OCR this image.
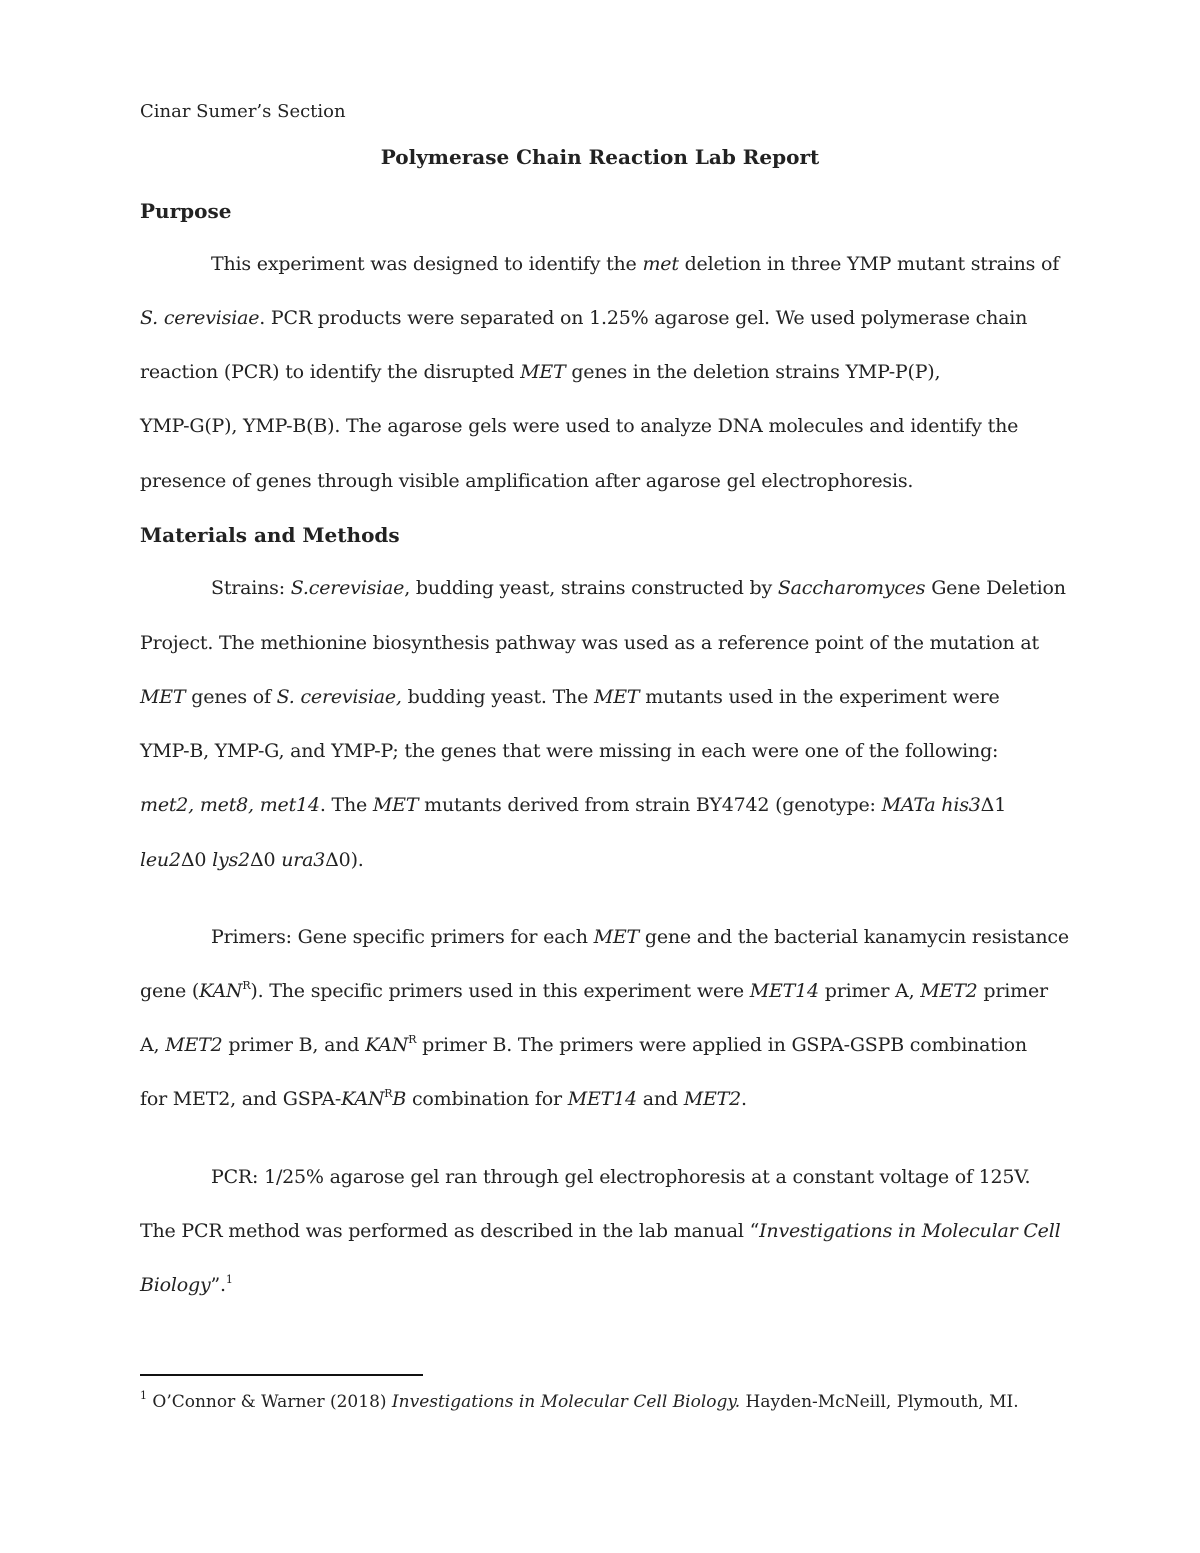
Cinar Sumer’s Section
Polymerase Chain Reaction Lab Report
Purpose
This experiment was designed to identify the met deletion in three YMP mutant strains of
S. cerevisiae. PCR products were separated on 1.25% agarose gel. We used polymerase chain
reaction (PCR) to identify the disrupted MET genes in the deletion strains YMP-P(P),
YMP-G(P), YMP-B(B). The agarose gels were used to analyze DNA molecules and identify the
presence of genes through visible amplification after agarose gel electrophoresis.
Materials and Methods
Strains: S.cerevisiae, budding yeast, strains constructed by Saccharomyces Gene Deletion
Project. The methionine biosynthesis pathway was used as a reference point of the mutation at
MET genes of S. cerevisiae, budding yeast. The MET mutants used in the experiment were
YMP-B, YMP-G, and YMP-P; the genes that were missing in each were one of the following:
met2, met8, met14. The MET mutants derived from strain BY4742 (genotype: MATa his3Δ1
leu2Δ0 lys2Δ0 ura3Δ0).
Primers: Gene specific primers for each MET gene and the bacterial kanamycin resistance
gene $(KAN^R)$. The specific primers used in this experiment were MET14 primer A, MET2 primer
A, MET2 primer B, and $KAN^R$ primer B. The primers were applied in GSPA-GSPB combination
for MET2, and GSPA-$KAN^RB$ combination for MET14 and MET2.
PCR: 1/25% agarose gel ran through gel electrophoresis at a constant voltage of 125V.
The PCR method was performed as described in the lab manual “Investigations in Molecular Cell
Biology”.$^1$
$^1$ O’Connor & Warner (2018) Investigations in Molecular Cell Biology. Hayden-McNeill, Plymouth, MI.
